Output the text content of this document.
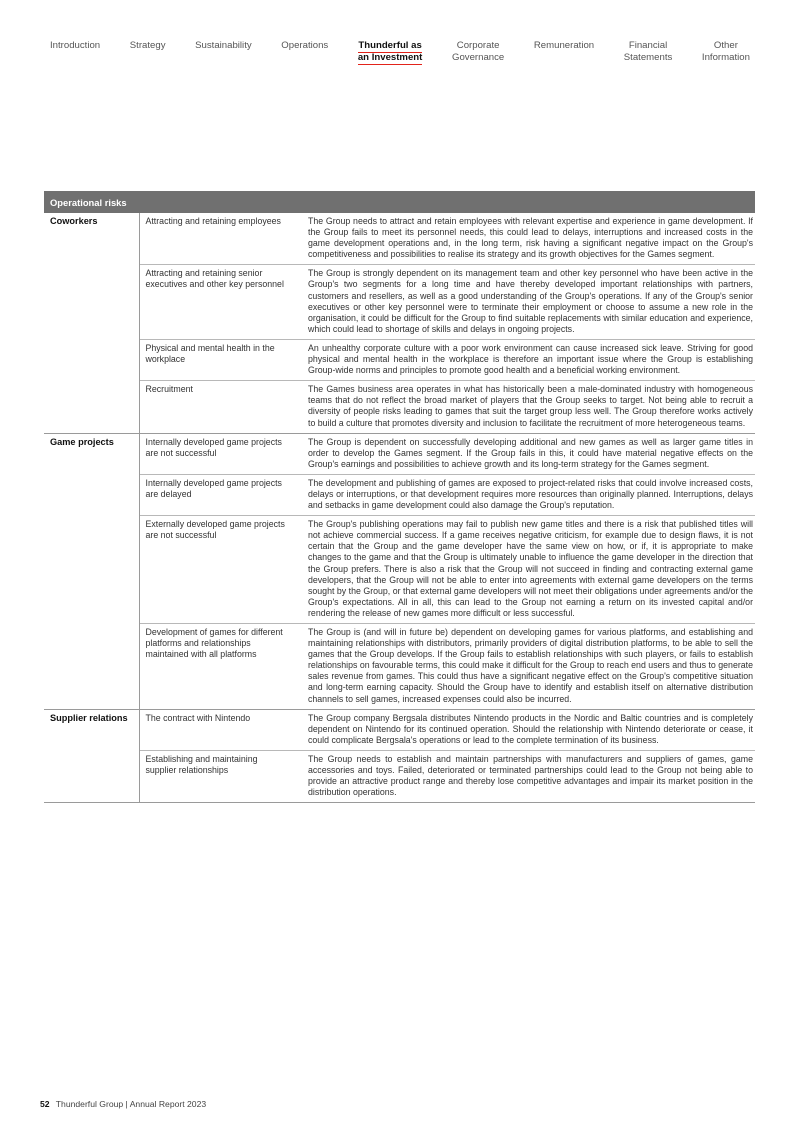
Introduction	Strategy	Sustainability	Operations	Thunderful as
an Investment
Corporate
Governance
Remuneration	Financial
Statements
Other
Information
Operational risks		
Coworkers	Attracting and retaining employees	The Group needs to attract and retain employees with relevant expertise and experience in game development. If the Group fails to meet its personnel needs, this could lead to delays, interruptions and increased costs in the game development operations and, in the long term, risk having a significant negative impact on the Group's competitiveness and possibilities to realise its strategy and its growth objectives for the Games segment.
	Attracting and retaining senior executives and other key personnel	The Group is strongly dependent on its management team and other key personnel who have been active in the Group's two segments for a long time and have thereby developed important relationships with partners, customers and resellers, as well as a good understanding of the Group's operations. If any of the Group's senior executives or other key personnel were to terminate their employment or choose to assume a new role in the organisation, it could be difficult for the Group to find suitable replacements with similar education and experience, which could lead to shortage of skills and delays in ongoing projects.
	Physical and mental health in the workplace	An unhealthy corporate culture with a poor work environment can cause increased sick leave. Striving for good physical and mental health in the workplace is therefore an important issue where the Group is establishing Group-wide norms and principles to promote good health and a beneficial working environment.
	Recruitment	The Games business area operates in what has historically been a male-dominated industry with homogeneous teams that do not reflect the broad market of players that the Group seeks to target. Not being able to recruit a diversity of people risks leading to games that suit the target group less well. The Group therefore works actively to build a culture that promotes diversity and inclusion to facilitate the recruitment of more heterogeneous teams.
Game projects	Internally developed game projects are not successful	The Group is dependent on successfully developing additional and new games as well as larger game titles in order to develop the Games segment. If the Group fails in this, it could have material negative effects on the Group's earnings and possibilities to achieve growth and its long-term strategy for the Games segment.
	Internally developed game projects are delayed	The development and publishing of games are exposed to project-related risks that could involve increased costs, delays or interruptions, or that development requires more resources than originally planned. Interruptions, delays and setbacks in game development could also damage the Group's reputation.
	Externally developed game projects are not successful	The Group's publishing operations may fail to publish new game titles and there is a risk that published titles will not achieve commercial success. If a game receives negative criticism, for example due to design flaws, it is not certain that the Group and the game developer have the same view on how, or if, it is appropriate to make changes to the game and that the Group is ultimately unable to influence the game developer in the direction that the Group prefers. There is also a risk that the Group will not succeed in finding and contracting external game developers, that the Group will not be able to enter into agreements with external game developers on the terms sought by the Group, or that external game developers will not meet their obligations under agreements and/or the Group's expectations. All in all, this can lead to the Group not earning a return on its invested capital and/or rendering the release of new games more difficult or less successful.
	Development of games for different platforms and relationships maintained with all platforms	The Group is (and will in future be) dependent on developing games for various platforms, and establishing and maintaining relationships with distributors, primarily providers of digital distribution platforms, to be able to sell the games that the Group develops. If the Group fails to establish relationships with such players, or fails to establish relationships on favourable terms, this could make it difficult for the Group to reach end users and thus to generate sales revenue from games. This could thus have a significant negative effect on the Group's competitive situation and long-term earning capacity. Should the Group have to identify and establish itself on alternative distribution channels to sell games, increased expenses could also be incurred.
Supplier relations	The contract with Nintendo	The Group company Bergsala distributes Nintendo products in the Nordic and Baltic countries and is completely dependent on Nintendo for its continued operation. Should the relationship with Nintendo deteriorate or cease, it could complicate Bergsala's operations or lead to the complete termination of its business.
	Establishing and maintaining supplier relationships	The Group needs to establish and maintain partnerships with manufacturers and suppliers of games, game accessories and toys. Failed, deteriorated or terminated partnerships could lead to the Group not being able to provide an attractive product range and thereby lose competitive advantages and impair its market position in the distribution operations.
52 Thunderful Group | Annual Report 2023
